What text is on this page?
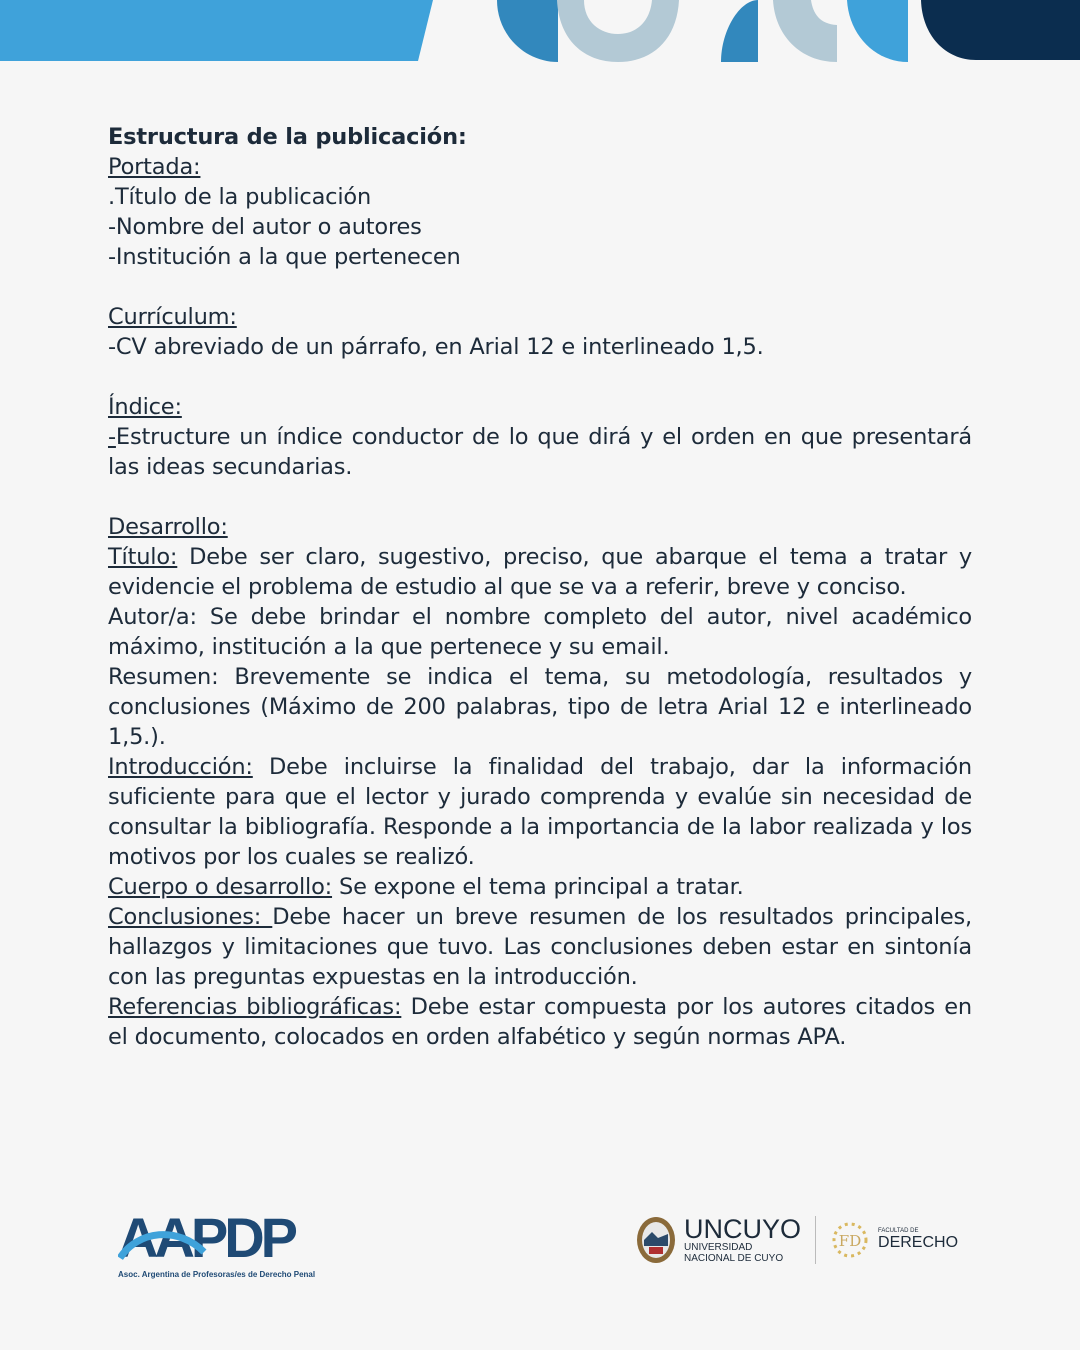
Estructura de la publicación:

Portada:

.Título de la publicación

-Nombre del autor o autores

-Institución a la que pertenecen

Currículum:

-CV abreviado de un párrafo, en Arial 12 e interlineado 1,5.

Índice:

-Estructure un índice conductor de lo que dirá y el orden en que presentará las ideas secundarias.

Desarrollo:

Título: Debe ser claro, sugestivo, preciso, que abarque el tema a tratar y evidencie el problema de estudio al que se va a referir, breve y conciso.

Autor/a: Se debe brindar el nombre completo del autor, nivel académico máximo, institución a la que pertenece y su email.

Resumen: Brevemente se indica el tema, su metodología, resultados y conclusiones (Máximo de 200 palabras, tipo de letra Arial 12 e interlineado 1,5.).

Introducción: Debe incluirse la finalidad del trabajo, dar la información suficiente para que el lector y jurado comprenda y evalúe sin necesidad de consultar la bibliografía. Responde a la importancia de la labor realizada y los motivos por los cuales se realizó.

Cuerpo o desarrollo: Se expone el tema principal a tratar.

Conclusiones: Debe hacer un breve resumen de los resultados principales, hallazgos y limitaciones que tuvo. Las conclusiones deben estar en sintonía con las preguntas expuestas en la introducción.

Referencias bibliográficas: Debe estar compuesta por los autores citados en el documento, colocados en orden alfabético y según normas APA.

AAPDP
Asoc. Argentina de Profesoras/es de Derecho Penal
UNCUYO
UNIVERSIDAD
NACIONAL DE CUYO
FD
FACULTAD DE
DERECHO
